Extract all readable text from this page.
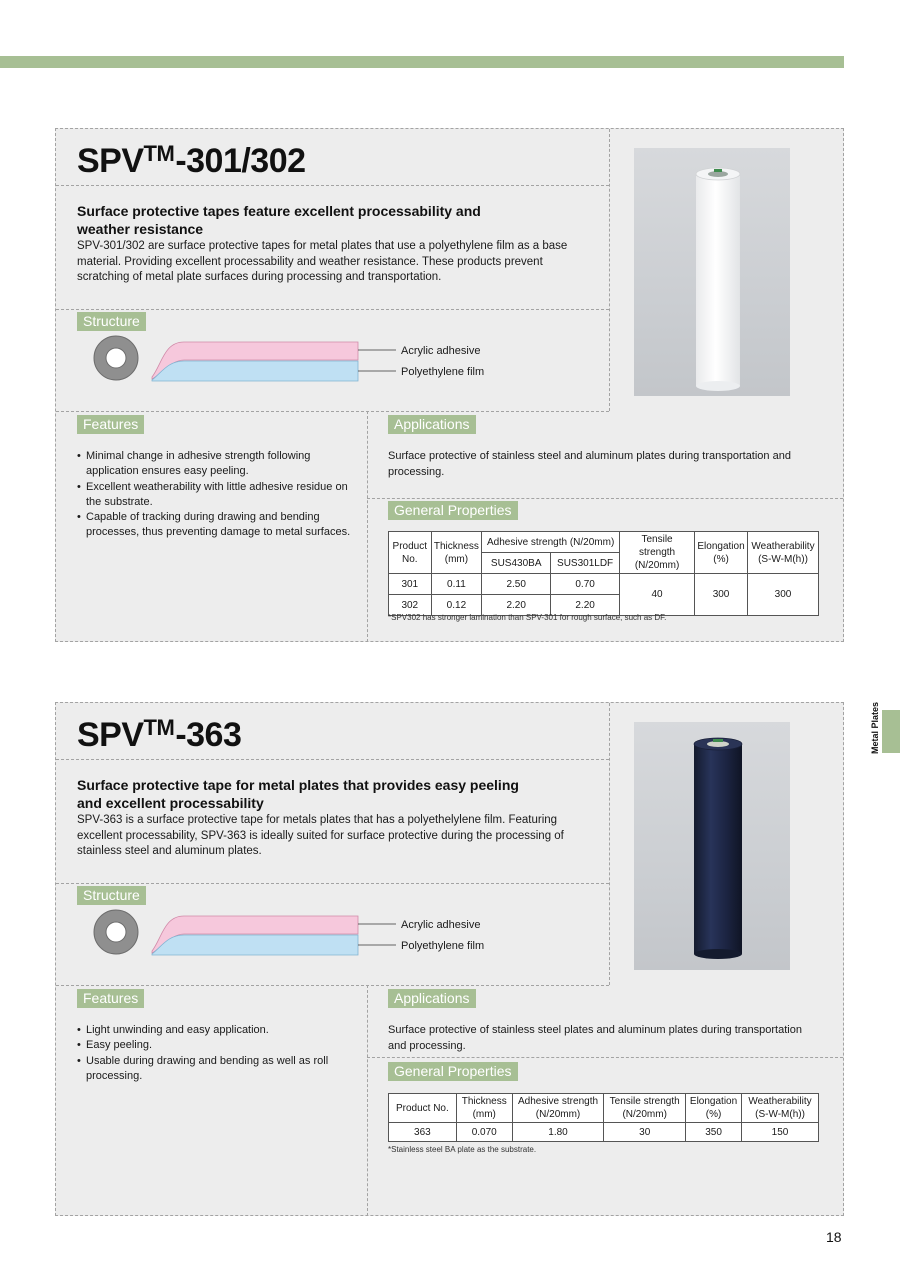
SPV™-301/302
Surface protective tapes feature excellent processability and
weather resistance
SPV-301/302 are surface protective tapes for metal plates that use a polyethylene film as a base material. Providing excellent processability and weather resistance. These products prevent scratching of metal plate surfaces during processing and transportation.
Structure
Acrylic adhesive
Polyethylene film
Features
• Minimal change in adhesive strength following application ensures easy peeling.
• Excellent weatherability with little adhesive residue on the substrate.
• Capable of tracking during drawing and bending processes, thus preventing damage to metal surfaces.
Applications
Surface protective of stainless steel and aluminum plates during transportation and processing.
General Properties
Product No.	Thickness (mm)	Adhesive strength (N/20mm)		Tensile strength (N/20mm)	Elongation (%)	Weatherability (S-W-M(h))
		SUS430BA	SUS301LDF			
301	0.11	2.50	0.70	40	300	300
302	0.12	2.20	2.20			
*SPV302 has stronger lamination than SPV-301 for rough surface, such as DF.
SPV™-363
Surface protective tape for metal plates that provides easy peeling
and excellent processability
SPV-363 is a surface protective tape for metals plates that has a polyethelylene film. Featuring excellent processability, SPV-363 is ideally suited for surface protective during the processing of stainless steel and aluminum plates.
Structure
Acrylic adhesive
Polyethylene film
Features
• Light unwinding and easy application.
• Easy peeling.
• Usable during drawing and bending as well as roll processing.
Applications
Surface protective of stainless steel plates and aluminum plates during transportation and processing.
General Properties
Product No.	Thickness (mm)	Adhesive strength (N/20mm)	Tensile strength (N/20mm)	Elongation (%)	Weatherability (S-W-M(h))
363	0.070	1.80	30	350	150
*Stainless steel BA plate as the substrate.
Metal Plates
18
